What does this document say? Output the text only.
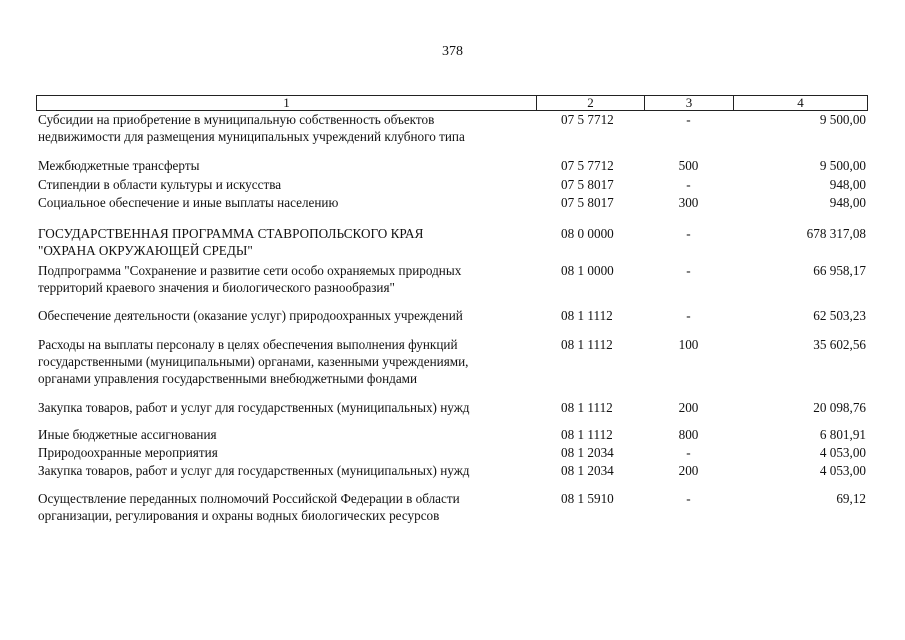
378
1	2	3	4
Субсидии на приобретение в муниципальную собственность объектов
недвижимости для размещения муниципальных учреждений клубного типа
07 5 7712	-	9 500,00
Межбюджетные трансферты	07 5 7712	500	9 500,00
Стипендии в области культуры и искусства	07 5 8017	-	948,00
Социальное обеспечение и иные выплаты населению	07 5 8017	300	948,00
ГОСУДАРСТВЕННАЯ ПРОГРАММА СТАВРОПОЛЬСКОГО КРАЯ
"ОХРАНА ОКРУЖАЮЩЕЙ СРЕДЫ"
08 0 0000	-	678 317,08
Подпрограмма "Сохранение и развитие сети особо охраняемых природных
территорий краевого значения и биологического разнообразия"
08 1 0000	-	66 958,17
Обеспечение деятельности (оказание услуг) природоохранных учреждений	08 1 1112	-	62 503,23
Расходы на выплаты персоналу в целях обеспечения выполнения функций
государственными (муниципальными) органами, казенными учреждениями,
органами управления государственными внебюджетными фондами
08 1 1112	100	35 602,56
Закупка товаров, работ и услуг для государственных (муниципальных) нужд	08 1 1112	200	20 098,76
Иные бюджетные ассигнования	08 1 1112	800	6 801,91
Природоохранные мероприятия	08 1 2034	-	4 053,00
Закупка товаров, работ и услуг для государственных (муниципальных) нужд	08 1 2034	200	4 053,00
Осуществление переданных полномочий Российской Федерации в области
организации, регулирования и охраны водных биологических ресурсов
08 1 5910	-	69,12
